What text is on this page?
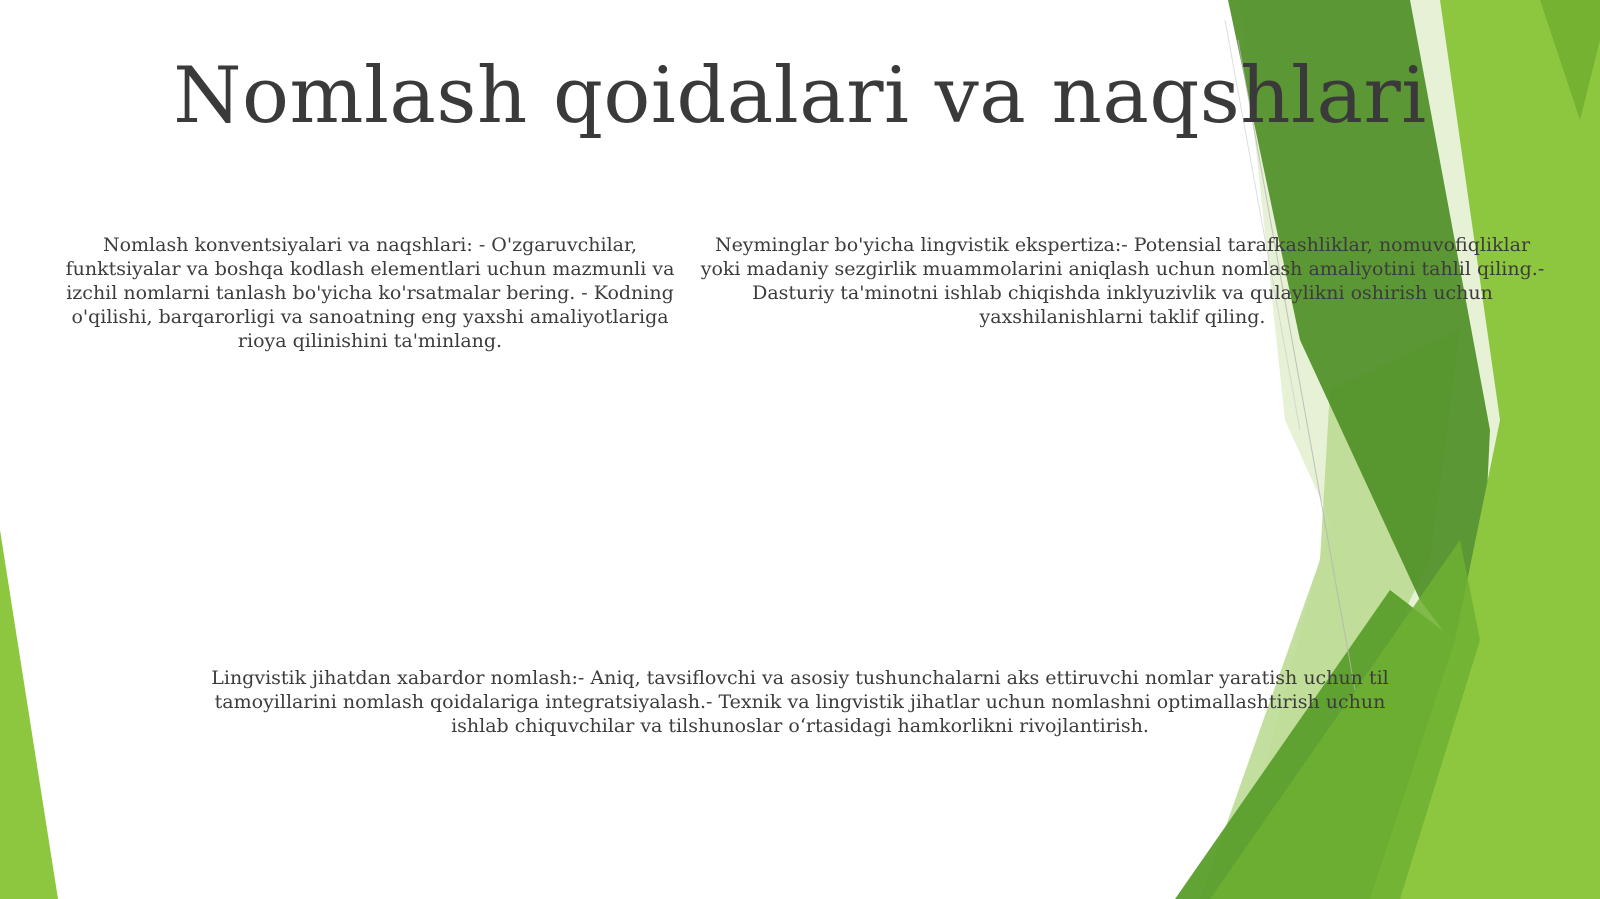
Nomlash qoidalari va naqshlari
Nomlash konventsiyalari va naqshlari: - O'zgaruvchilar, funktsiyalar va boshqa kodlash elementlari uchun mazmunli va izchil nomlarni tanlash bo'yicha ko'rsatmalar bering. - Kodning o'qilishi, barqarorligi va sanoatning eng yaxshi amaliyotlariga rioya qilinishini ta'minlang.
Neyminglar bo'yicha lingvistik ekspertiza:- Potensial tarafkashliklar, nomuvofiqliklar yoki madaniy sezgirlik muammolarini aniqlash uchun nomlash amaliyotini tahlil qiling.- Dasturiy ta'minotni ishlab chiqishda inklyuzivlik va qulaylikni oshirish uchun yaxshilanishlarni taklif qiling.
Lingvistik jihatdan xabardor nomlash:- Aniq, tavsiflovchi va asosiy tushunchalarni aks ettiruvchi nomlar yaratish uchun til tamoyillarini nomlash qoidalariga integratsiyalash.- Texnik va lingvistik jihatlar uchun nomlashni optimallashtirish uchun ishlab chiquvchilar va tilshunoslar o‘rtasidagi hamkorlikni rivojlantirish.
